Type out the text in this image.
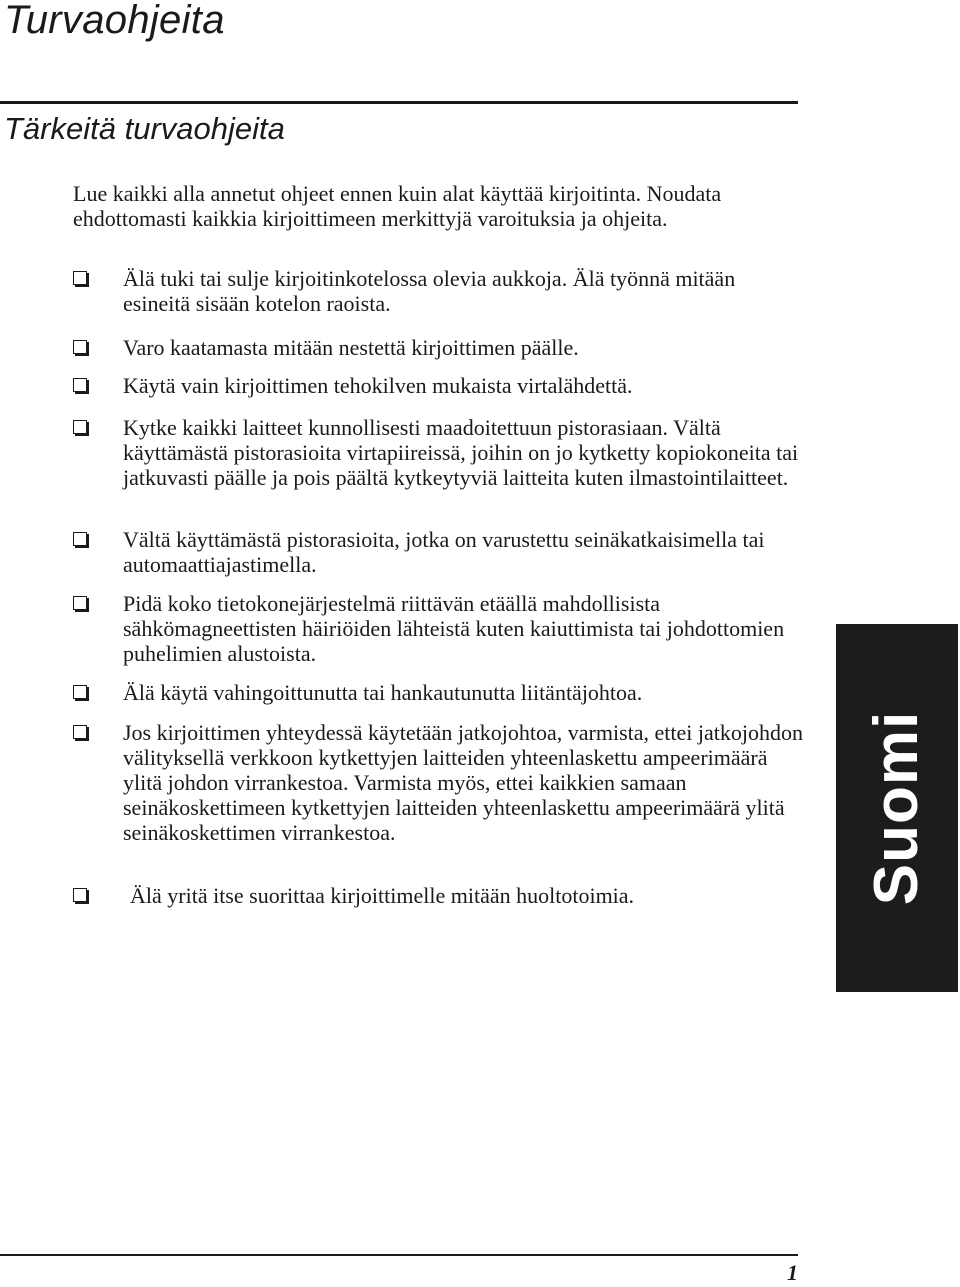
Turvaohjeita
Tärkeitä turvaohjeita

Lue kaikki alla annetut ohjeet ennen kuin alat käyttää kirjoitinta. Noudata ehdottomasti kaikkia kirjoittimeen merkittyjä varoituksia ja ohjeita.

Älä tuki tai sulje kirjoitinkotelossa olevia aukkoja. Älä työnnä mitään esineitä sisään kotelon raoista.
Varo kaatamasta mitään nestettä kirjoittimen päälle.
Käytä vain kirjoittimen tehokilven mukaista virtalähdettä.
Kytke kaikki laitteet kunnollisesti maadoitettuun pistorasiaan. Vältä käyttämästä pistorasioita virtapiireissä, joihin on jo kytketty kopiokoneita tai jatkuvasti päälle ja pois päältä kytkeytyviä laitteita kuten ilmastointilaitteet.
Vältä käyttämästä pistorasioita, jotka on varustettu seinäkatkaisimella tai automaattiajastimella.
Pidä koko tietokonejärjestelmä riittävän etäällä mahdollisista sähkömagneettisten häiriöiden lähteistä kuten kaiuttimista tai johdottomien puhelimien alustoista.
Älä käytä vahingoittunutta tai hankautunutta liitäntäjohtoa.
Jos kirjoittimen yhteydessä käytetään jatkojohtoa, varmista, ettei jatkojohdon välityksellä verkkoon kytkettyjen laitteiden yhteenlaskettu ampeerimäärä ylitä johdon virrankestoa. Varmista myös, ettei kaikkien samaan seinäkoskettimeen kytkettyjen laitteiden yhteenlaskettu ampeerimäärä ylitä seinäkoskettimen virrankestoa.
Älä yritä itse suorittaa kirjoittimelle mitään huoltotoimia.	Suomi
1
